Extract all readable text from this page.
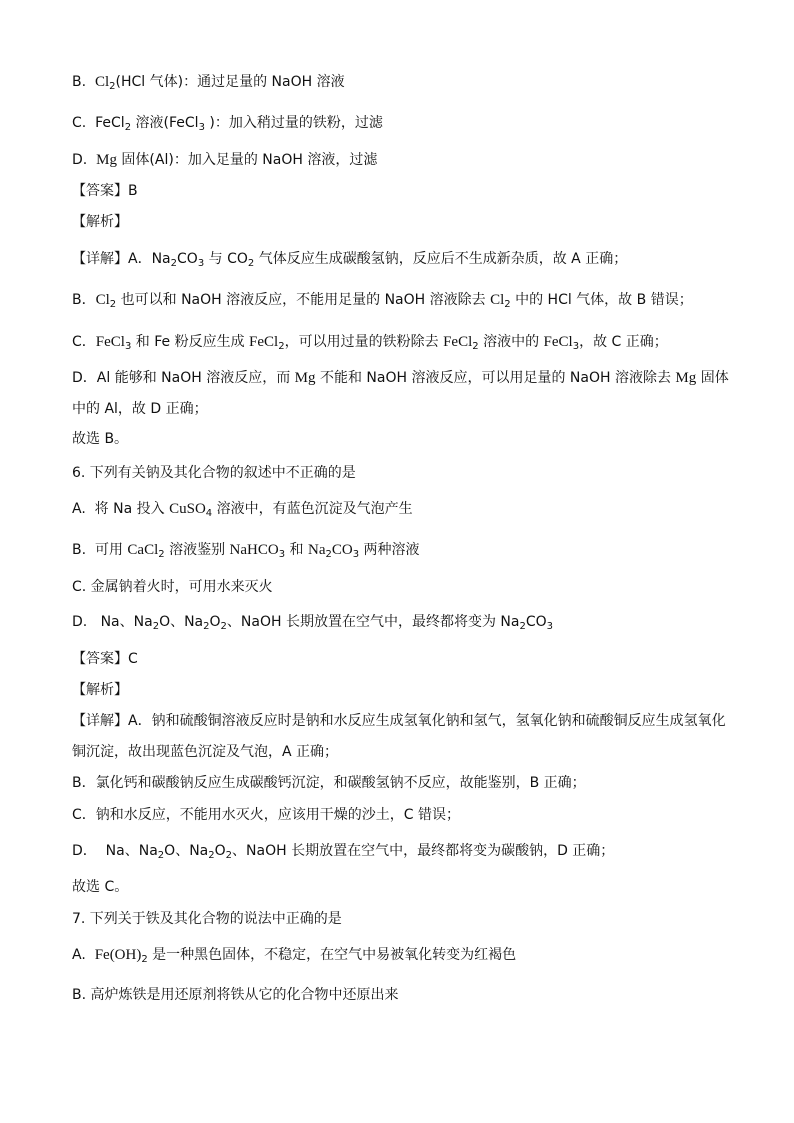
B.  $Cl_2(HCl$ 气体)：通过足量的 NaOH 溶液
C.  FeCl$_2$ 溶液(FeCl$_3$ )：加入稍过量的铁粉，过滤
D.  Mg 固体(Al)：加入足量的 NaOH 溶液，过滤
【答案】B
【解析】
【详解】A．$Na_2CO_3$ 与 $CO_2$ 气体反应生成碳酸氢钠，反应后不生成新杂质，故 A 正确；
B．$Cl_2$ 也可以和 NaOH 溶液反应，不能用足量的 NaOH 溶液除去 $Cl_2$ 中的 HCl 气体，故 B 错误；
C．FeCl$_3$ 和 Fe 粉反应生成 FeCl$_2$，可以用过量的铁粉除去 FeCl$_2$ 溶液中的 FeCl$_3$，故 C 正确；
D．Al 能够和 NaOH 溶液反应，而 Mg 不能和 NaOH 溶液反应，可以用足量的 NaOH 溶液除去 Mg 固体
中的 Al，故 D 正确；
故选 B。
6. 下列有关钠及其化合物的叙述中不正确的是
A.  将 Na 投入 CuSO$_4$ 溶液中，有蓝色沉淀及气泡产生
B.  可用 CaCl$_2$ 溶液鉴别 NaHCO$_3$ 和 $Na_2CO_3$ 两种溶液
C. 金属钠着火时，可用水来灭火
D.   Na、$Na_2O$、$Na_2O_2$、NaOH 长期放置在空气中，最终都将变为 $Na_2CO_3$
【答案】C
【解析】
【详解】A．钠和硫酸铜溶液反应时是钠和水反应生成氢氧化钠和氢气，氢氧化钠和硫酸铜反应生成氢氧化
铜沉淀，故出现蓝色沉淀及气泡，A 正确；
B．氯化钙和碳酸钠反应生成碳酸钙沉淀，和碳酸氢钠不反应，故能鉴别，B 正确；
C．钠和水反应，不能用水灭火，应该用干燥的沙土，C 错误；
D．  Na、$Na_2O$、$Na_2O_2$、NaOH 长期放置在空气中，最终都将变为碳酸钠，D 正确；
故选 C。
7. 下列关于铁及其化合物的说法中正确的是
A.  $Fe(OH)_2$ 是一种黑色固体，不稳定，在空气中易被氧化转变为红褐色
B. 高炉炼铁是用还原剂将铁从它的化合物中还原出来
